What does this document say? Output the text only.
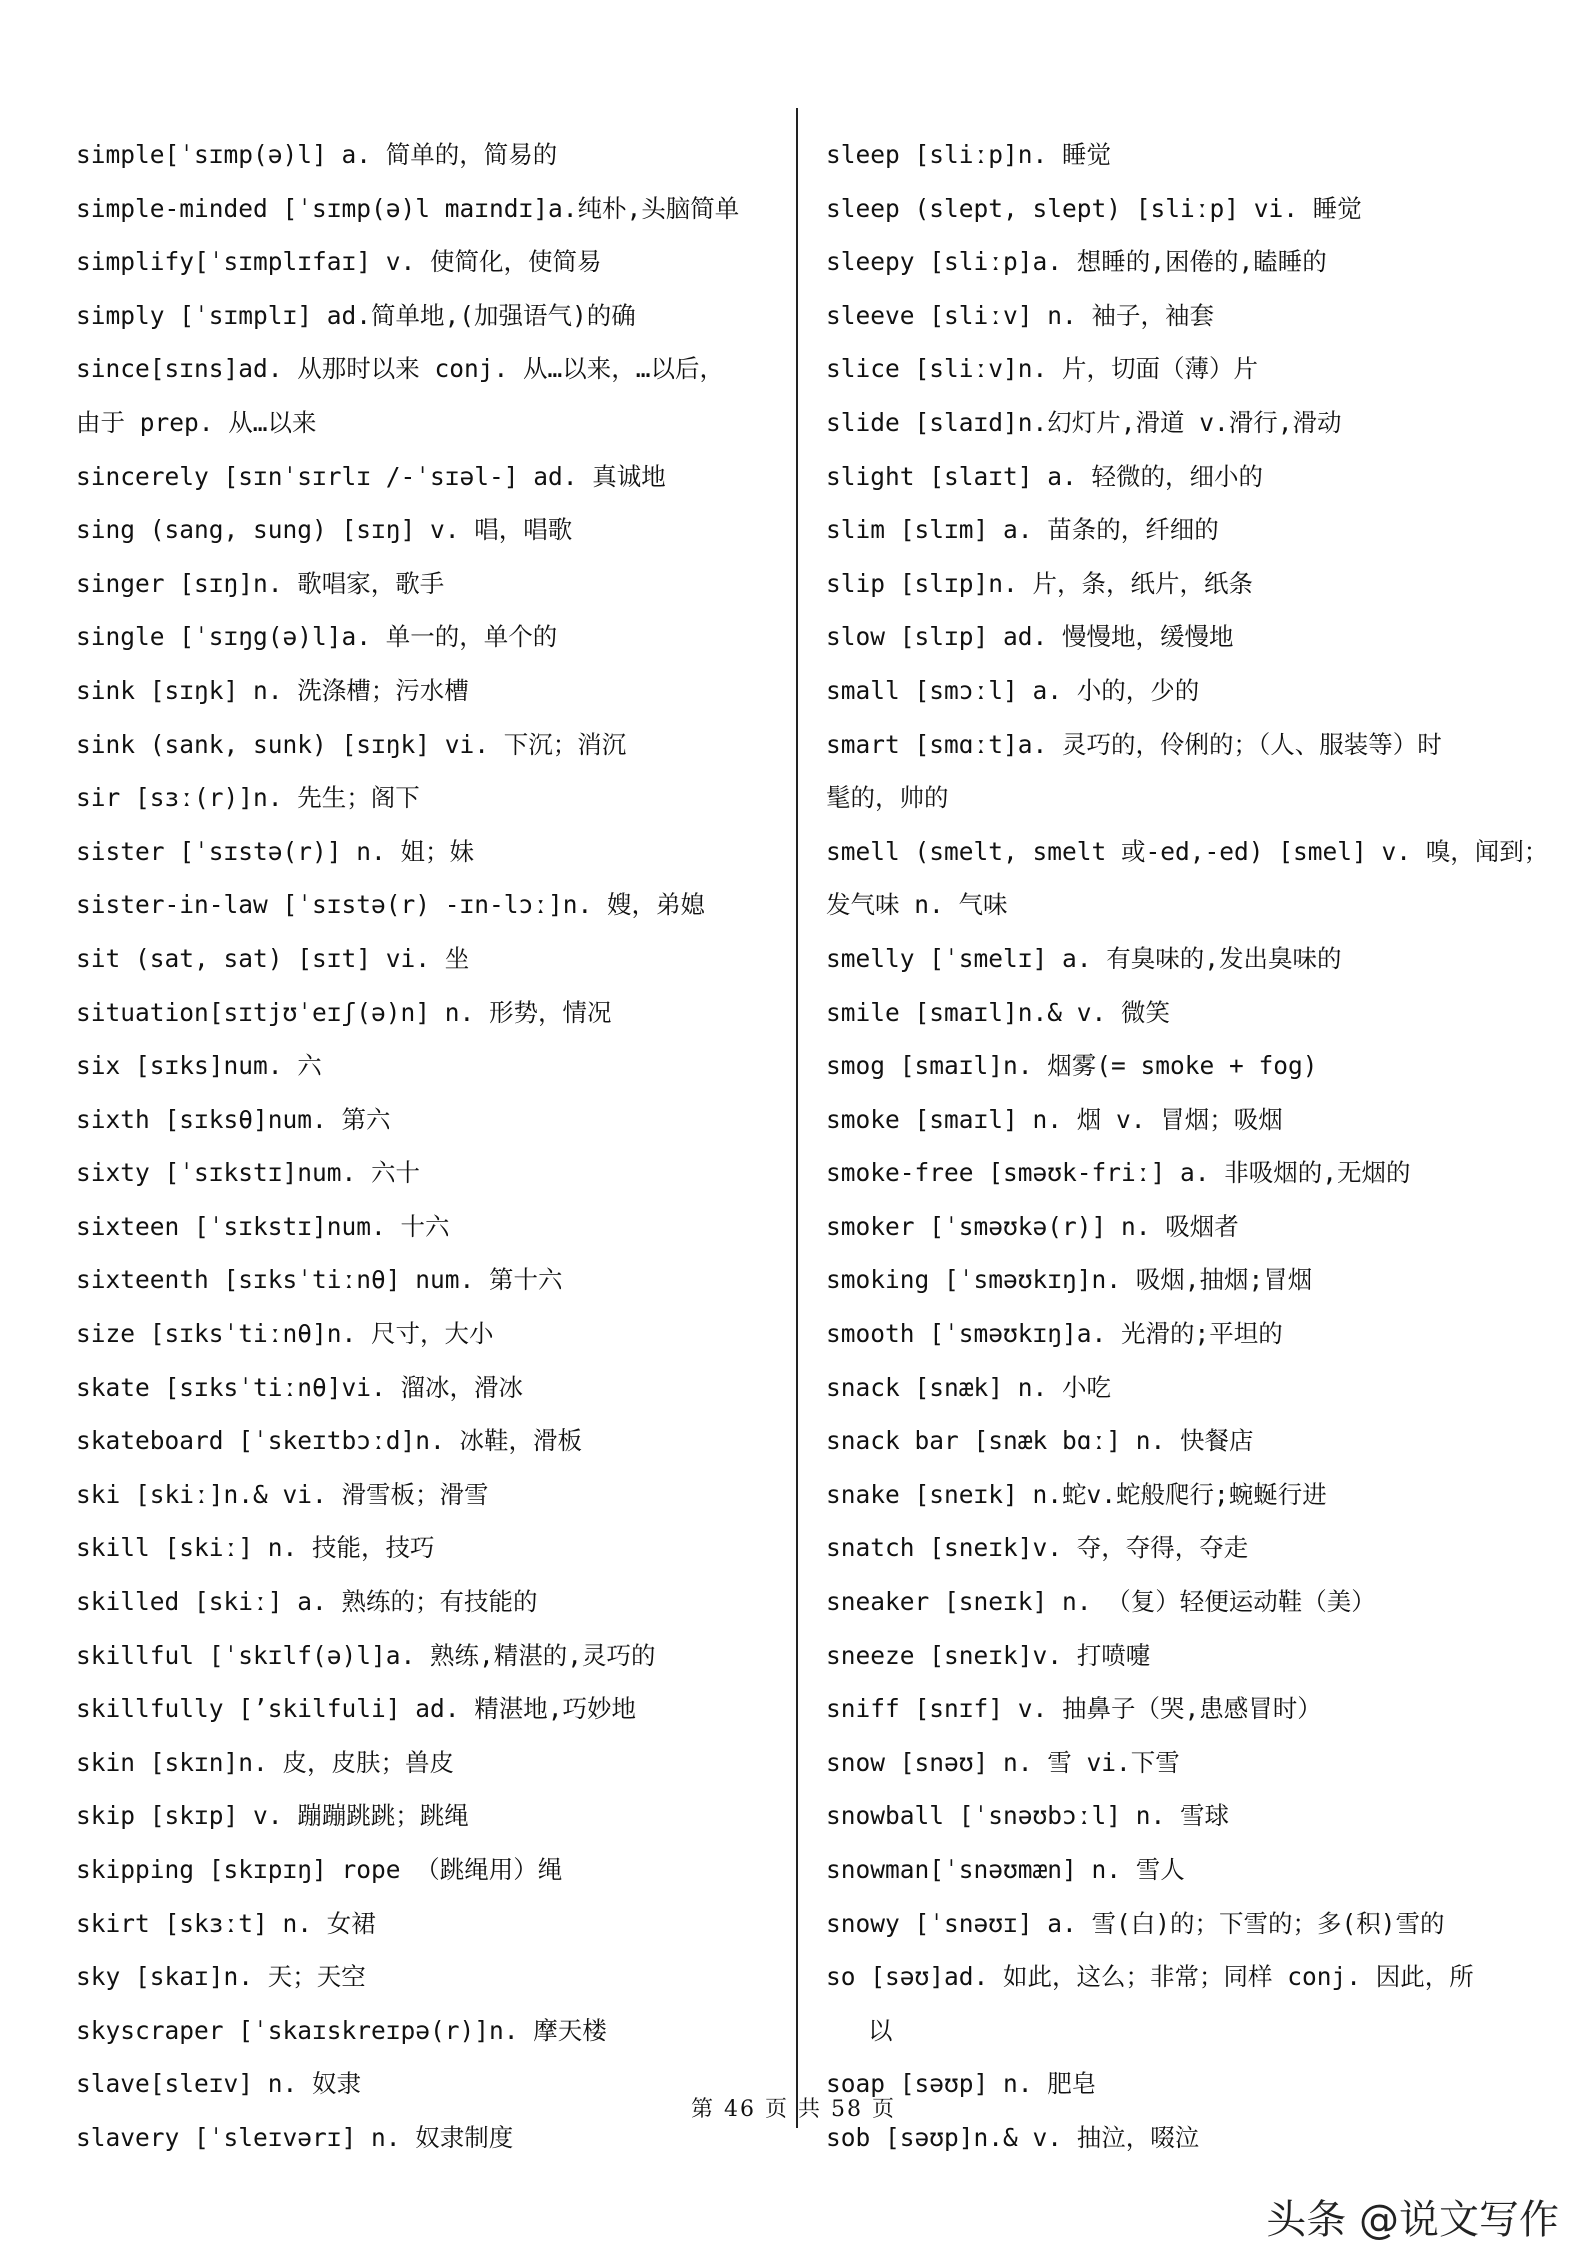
simple[ˈsɪmp(ə)l] a. 简单的，简易的

simple-minded [ˈsɪmp(ə)l maɪndɪ]a.纯朴,头脑简单

simplify[ˈsɪmplɪfaɪ] v. 使简化，使简易

simply [ˈsɪmplɪ] ad.简单地,(加强语气)的确

since[sɪns]ad. 从那时以来 conj. 从…以来，…以后，

由于 prep. 从…以来

sincerely [sɪnˈsɪrlɪ /-ˈsɪəl-] ad. 真诚地

sing (sang, sung) [sɪŋ] v. 唱，唱歌

singer [sɪŋ]n. 歌唱家，歌手

single [ˈsɪŋg(ə)l]a. 单一的，单个的

sink [sɪŋk] n. 洗涤槽；污水槽

sink (sank, sunk) [sɪŋk] vi. 下沉；消沉

sir [sɜː(r)]n. 先生；阁下

sister [ˈsɪstə(r)] n. 姐；妹

sister-in-law [ˈsɪstə(r) -ɪn-lɔː]n. 嫂，弟媳

sit (sat, sat) [sɪt] vi. 坐

situation[sɪtjʊˈeɪʃ(ə)n] n. 形势，情况

six [sɪks]num. 六

sixth [sɪksθ]num. 第六

sixty [ˈsɪkstɪ]num. 六十

sixteen [ˈsɪkstɪ]num. 十六

sixteenth [sɪksˈtiːnθ] num. 第十六

size [sɪksˈtiːnθ]n. 尺寸，大小

skate [sɪksˈtiːnθ]vi. 溜冰，滑冰

skateboard [ˈskeɪtbɔːd]n. 冰鞋，滑板

ski [skiː]n.& vi. 滑雪板；滑雪

skill [skiː] n. 技能，技巧

skilled [skiː] a. 熟练的；有技能的

skillful [ˈskɪlf(ə)l]a. 熟练,精湛的,灵巧的

skillfully [’skilfuli] ad. 精湛地,巧妙地

skin [skɪn]n. 皮，皮肤；兽皮

skip [skɪp] v. 蹦蹦跳跳；跳绳

skipping [skɪpɪŋ] rope （跳绳用）绳

skirt [skɜːt] n. 女裙

sky [skaɪ]n. 天；天空

skyscraper [ˈskaɪskreɪpə(r)]n. 摩天楼

slave[sleɪv] n. 奴隶

slavery [ˈsleɪvərɪ] n. 奴隶制度

sleep [sliːp]n. 睡觉

sleep (slept, slept) [sliːp] vi. 睡觉

sleepy [sliːp]a. 想睡的,困倦的,瞌睡的

sleeve [sliːv] n. 袖子，袖套

slice [sliːv]n. 片，切面（薄）片

slide [slaɪd]n.幻灯片,滑道 v.滑行,滑动

slight [slaɪt] a. 轻微的，细小的

slim [slɪm] a. 苗条的，纤细的

slip [slɪp]n. 片，条，纸片，纸条

slow [slɪp] ad. 慢慢地，缓慢地

small [smɔːl] a. 小的，少的

smart [smɑːt]a. 灵巧的，伶俐的；（人、服装等）时

髦的，帅的

smell (smelt, smelt 或-ed,-ed) [smel] v. 嗅，闻到；

发气味 n. 气味

smelly [ˈsmelɪ] a. 有臭味的,发出臭味的

smile [smaɪl]n.& v. 微笑

smog [smaɪl]n. 烟雾(= smoke + fog)

smoke [smaɪl] n. 烟 v. 冒烟；吸烟

smoke-free [sməʊk-friː] a. 非吸烟的,无烟的

smoker [ˈsməʊkə(r)] n. 吸烟者

smoking [ˈsməʊkɪŋ]n. 吸烟,抽烟;冒烟

smooth [ˈsməʊkɪŋ]a. 光滑的;平坦的

snack [snæk] n. 小吃

snack bar [snæk bɑː] n. 快餐店

snake [sneɪk] n.蛇v.蛇般爬行;蜿蜒行进

snatch [sneɪk]v. 夺，夺得，夺走

sneaker [sneɪk] n. （复）轻便运动鞋（美）

sneeze [sneɪk]v. 打喷嚏

sniff [snɪf] v. 抽鼻子（哭,患感冒时）

snow [snəʊ] n. 雪 vi.下雪

snowball [ˈsnəʊbɔːl] n. 雪球

snowman[ˈsnəʊmæn] n. 雪人

snowy [ˈsnəʊɪ] a. 雪(白)的；下雪的；多(积)雪的

so [səʊ]ad. 如此，这么；非常；同样 conj. 因此，所

以

soap [səʊp] n. 肥皂

sob [səʊp]n.& v. 抽泣，啜泣

第 46 页 共 58 页
头条 @说文写作
